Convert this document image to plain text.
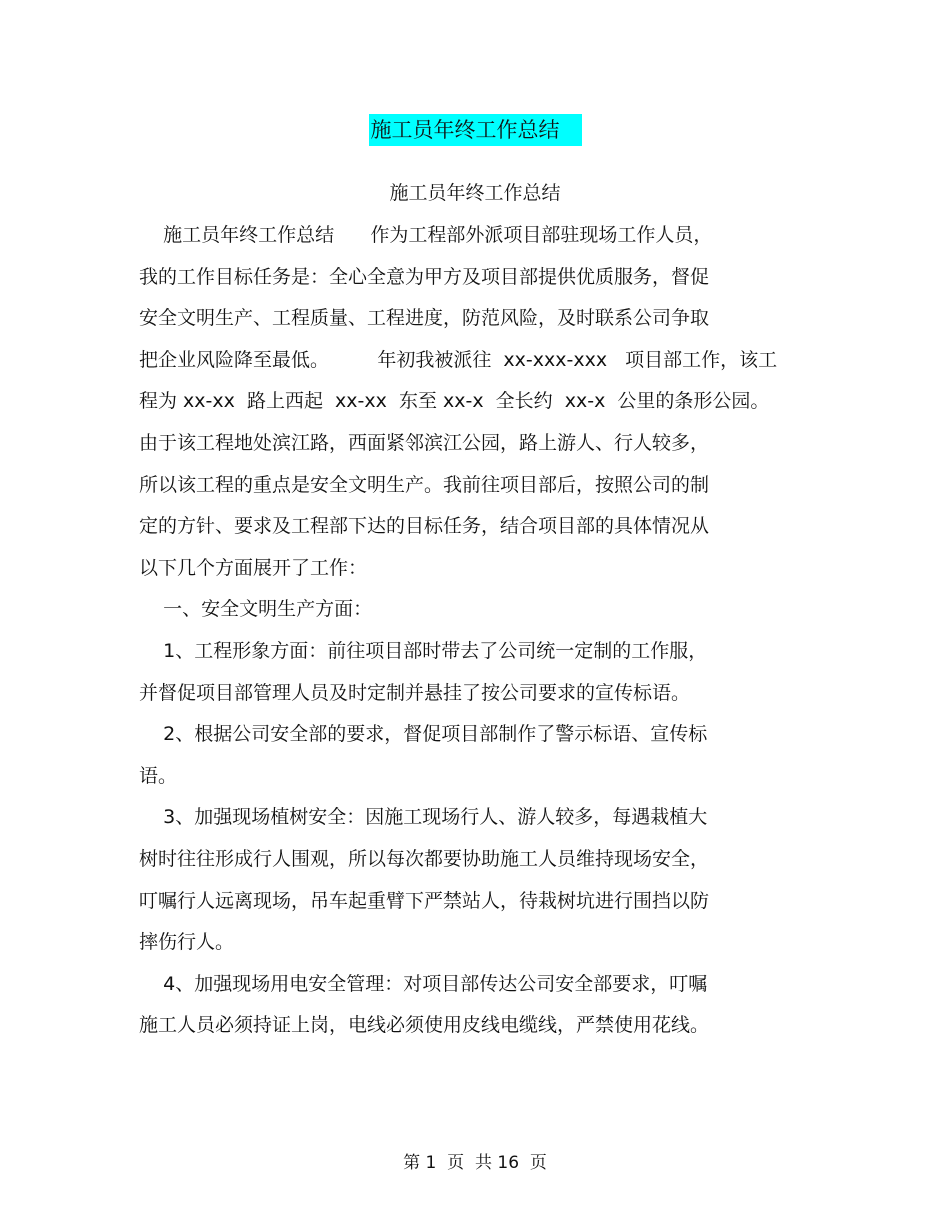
施工员年终工作总结
施工员年终工作总结
施工员年终工作总结      作为工程部外派项目部驻现场工作人员，
我的工作目标任务是：全心全意为甲方及项目部提供优质服务，督促
安全文明生产、工程质量、工程进度，防范风险，及时联系公司争取
把企业风险降至最低。        年初我被派往  xx-xxx-xxx   项目部工作，该工
程为 xx-xx  路上西起  xx-xx  东至 xx-x  全长约  xx-x  公里的条形公园。
由于该工程地处滨江路，西面紧邻滨江公园，路上游人、行人较多，
所以该工程的重点是安全文明生产。我前往项目部后，按照公司的制
定的方针、要求及工程部下达的目标任务，结合项目部的具体情况从
以下几个方面展开了工作：
一、安全文明生产方面：
1、工程形象方面：前往项目部时带去了公司统一定制的工作服，
并督促项目部管理人员及时定制并悬挂了按公司要求的宣传标语。
2、根据公司安全部的要求，督促项目部制作了警示标语、宣传标
语。
3、加强现场植树安全：因施工现场行人、游人较多，每遇栽植大
树时往往形成行人围观，所以每次都要协助施工人员维持现场安全，
叮嘱行人远离现场，吊车起重臂下严禁站人，待栽树坑进行围挡以防
摔伤行人。
4、加强现场用电安全管理：对项目部传达公司安全部要求，叮嘱
施工人员必须持证上岗，电线必须使用皮线电缆线，严禁使用花线。
第 1  页  共 16  页
